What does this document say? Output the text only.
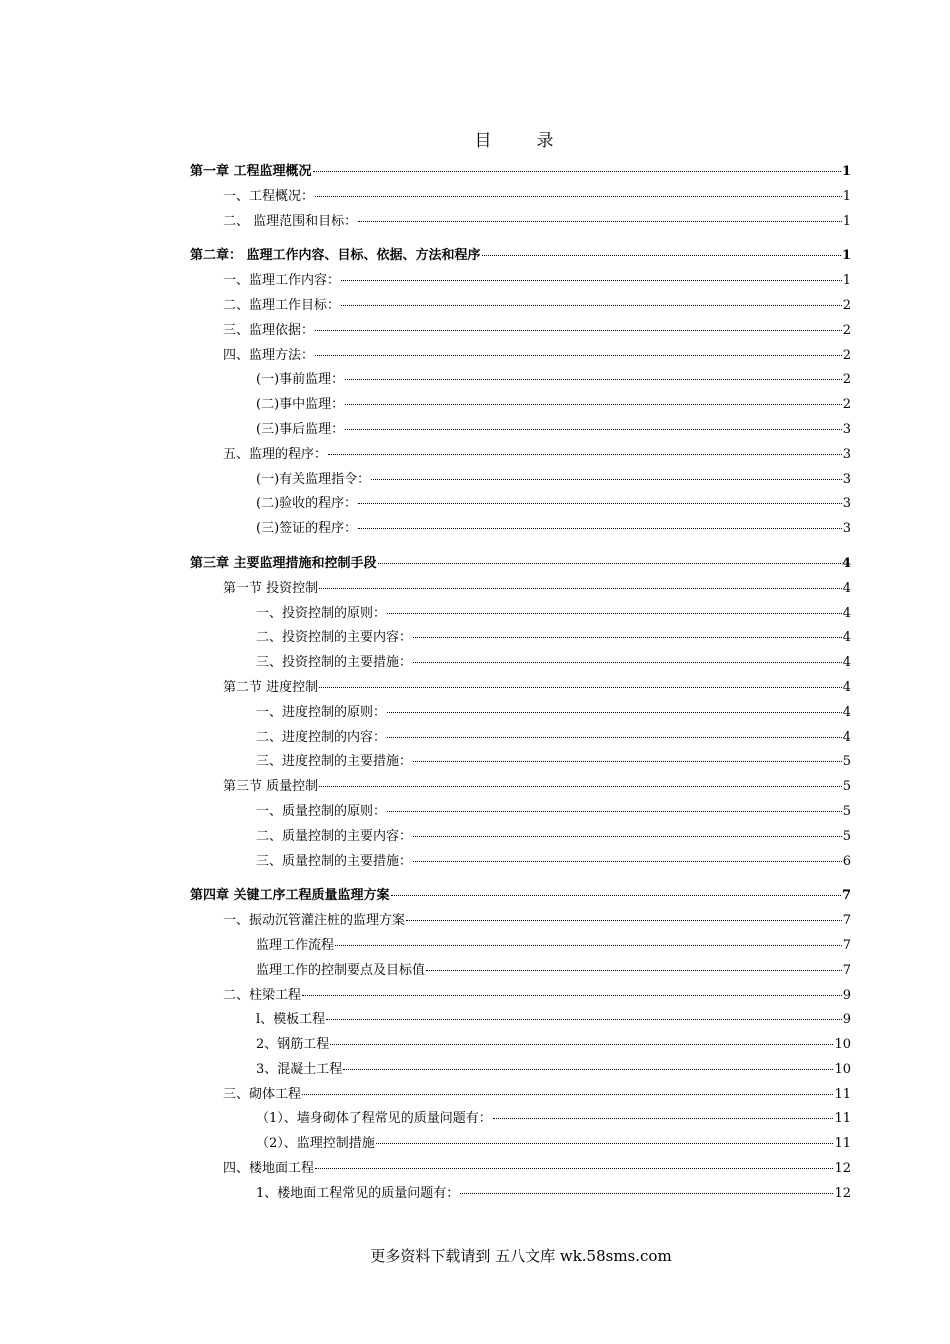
目　录
第一章 工程监理概况	1
一、工程概况：	1
二、 监理范围和目标：	1
第二章： 监理工作内容、目标、依据、方法和程序	1
一、监理工作内容：	1
二、监理工作目标：	2
三、监理依据：	2
四、监理方法：	2
(一)事前监理：	2
(二)事中监理：	2
(三)事后监理：	3
五、监理的程序：	3
(一)有关监理指令：	3
(二)验收的程序：	3
(三)签证的程序：	3
第三章 主要监理措施和控制手段	4
第一节 投资控制	4
一、投资控制的原则：	4
二、投资控制的主要内容：	4
三、投资控制的主要措施：	4
第二节 进度控制	4
一、进度控制的原则：	4
二、进度控制的内容：	4
三、进度控制的主要措施：	5
第三节 质量控制	5
一、质量控制的原则：	5
二、质量控制的主要内容：	5
三、质量控制的主要措施：	6
第四章 关键工序工程质量监理方案	7
一、振动沉管灌注桩的监理方案	7
监理工作流程	7
监理工作的控制要点及目标值	7
二、柱梁工程	9
l、模板工程	9
2、钢筋工程	10
3、混凝土工程	10
三、砌体工程	11
（1）、墙身砌体了程常见的质量问题有：	11
（2）、监理控制措施	11
四、楼地面工程	12
1、楼地面工程常见的质量问题有：	12
更多资料下载请到 五八文库 wk.58sms.com
